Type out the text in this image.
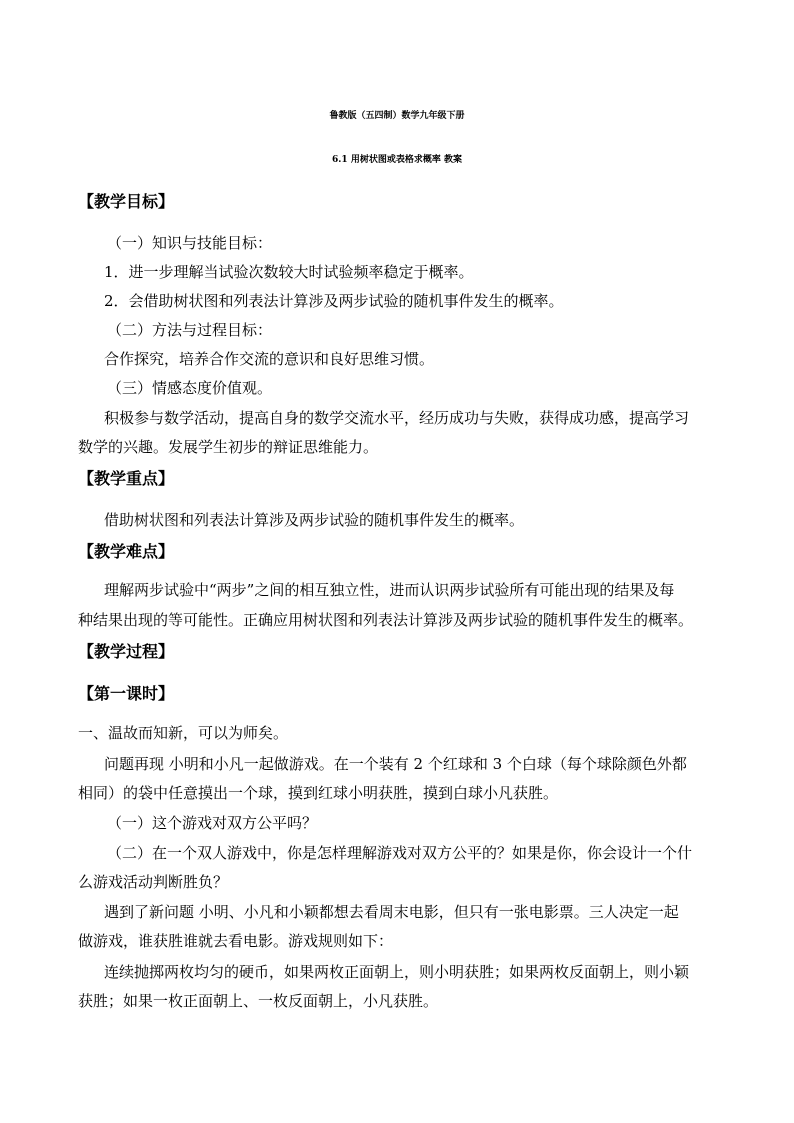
鲁教版（五四制）数学九年级下册
6.1 用树状图或表格求概率 教案
【教学目标】
（一）知识与技能目标：
1．进一步理解当试验次数较大时试验频率稳定于概率。
2．会借助树状图和列表法计算涉及两步试验的随机事件发生的概率。
（二）方法与过程目标：
合作探究，培养合作交流的意识和良好思维习惯。
（三）情感态度价值观。
积极参与数学活动，提高自身的数学交流水平，经历成功与失败，获得成功感，提高学习
数学的兴趣。发展学生初步的辩证思维能力。
【教学重点】
借助树状图和列表法计算涉及两步试验的随机事件发生的概率。
【教学难点】
理解两步试验中“两步”之间的相互独立性，进而认识两步试验所有可能出现的结果及每
种结果出现的等可能性。正确应用树状图和列表法计算涉及两步试验的随机事件发生的概率。
【教学过程】
【第一课时】
一、温故而知新，可以为师矣。
问题再现 小明和小凡一起做游戏。在一个装有 2 个红球和 3 个白球（每个球除颜色外都
相同）的袋中任意摸出一个球，摸到红球小明获胜，摸到白球小凡获胜。
（一）这个游戏对双方公平吗？
（二）在一个双人游戏中，你是怎样理解游戏对双方公平的？如果是你，你会设计一个什
么游戏活动判断胜负？
遇到了新问题 小明、小凡和小颖都想去看周末电影，但只有一张电影票。三人决定一起
做游戏，谁获胜谁就去看电影。游戏规则如下：
连续抛掷两枚均匀的硬币，如果两枚正面朝上，则小明获胜；如果两枚反面朝上，则小颖
获胜；如果一枚正面朝上、一枚反面朝上，小凡获胜。
